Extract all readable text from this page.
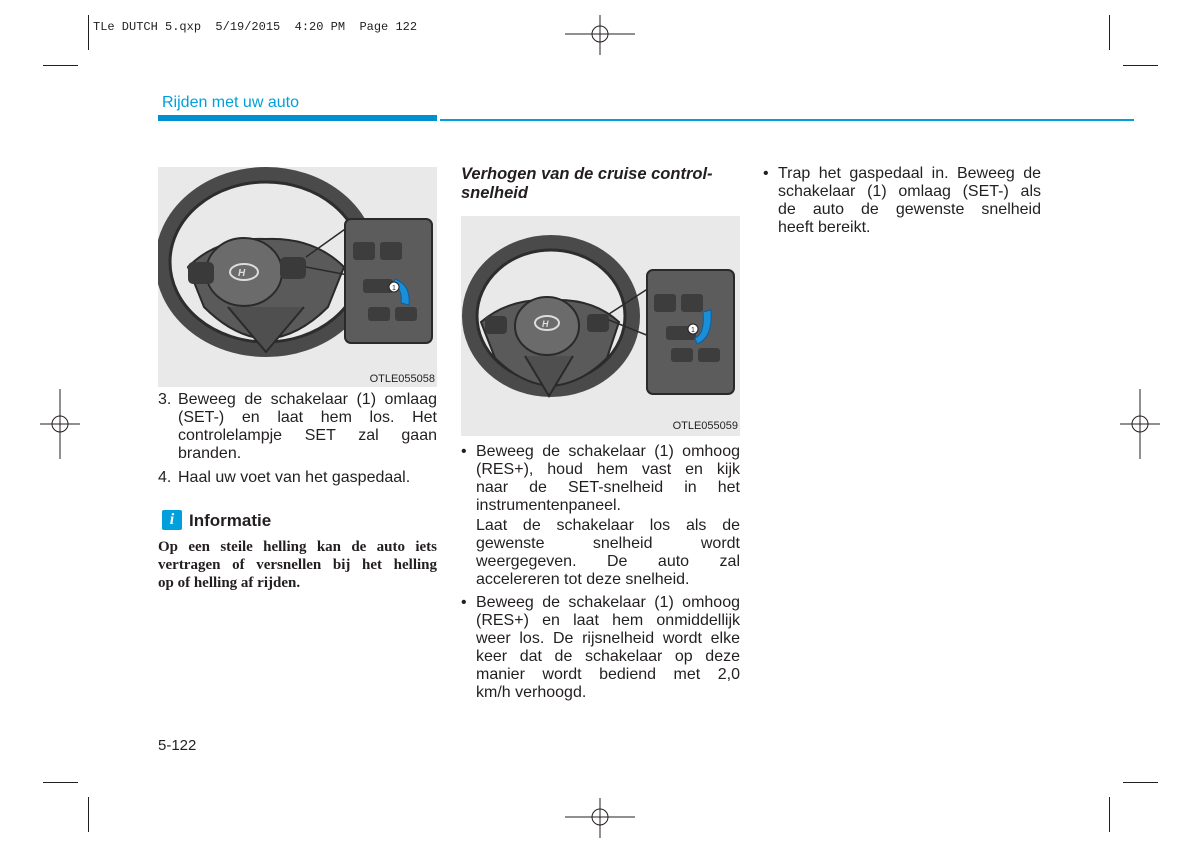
TLe DUTCH 5.qxp  5/19/2015  4:20 PM  Page 122
Rijden met uw auto
H
1
OTLE055058
3. Beweeg de schakelaar (1) omlaag
(SET-) en laat hem los. Het
controlelampje SET zal gaan
branden.
4. Haal uw voet van het gaspedaal.
i Informatie
Op een steile helling kan de auto iets
vertragen of versnellen bij het helling
op of helling af rijden.
Verhogen van de cruise control-
snelheid
H
1
OTLE055059
• Beweeg de schakelaar (1) omhoog
(RES+), houd hem vast en kijk
naar de SET-snelheid in het
instrumentenpaneel.
Laat de schakelaar los als de
gewenste snelheid wordt
weergegeven. De auto zal
accelereren tot deze snelheid.
• Beweeg de schakelaar (1) omhoog
(RES+) en laat hem onmiddellijk
weer los. De rijsnelheid wordt elke
keer dat de schakelaar op deze
manier wordt bediend met 2,0
km/h verhoogd.
• Trap het gaspedaal in. Beweeg de
schakelaar (1) omlaag (SET-) als
de auto de gewenste snelheid
heeft bereikt.
5-122
